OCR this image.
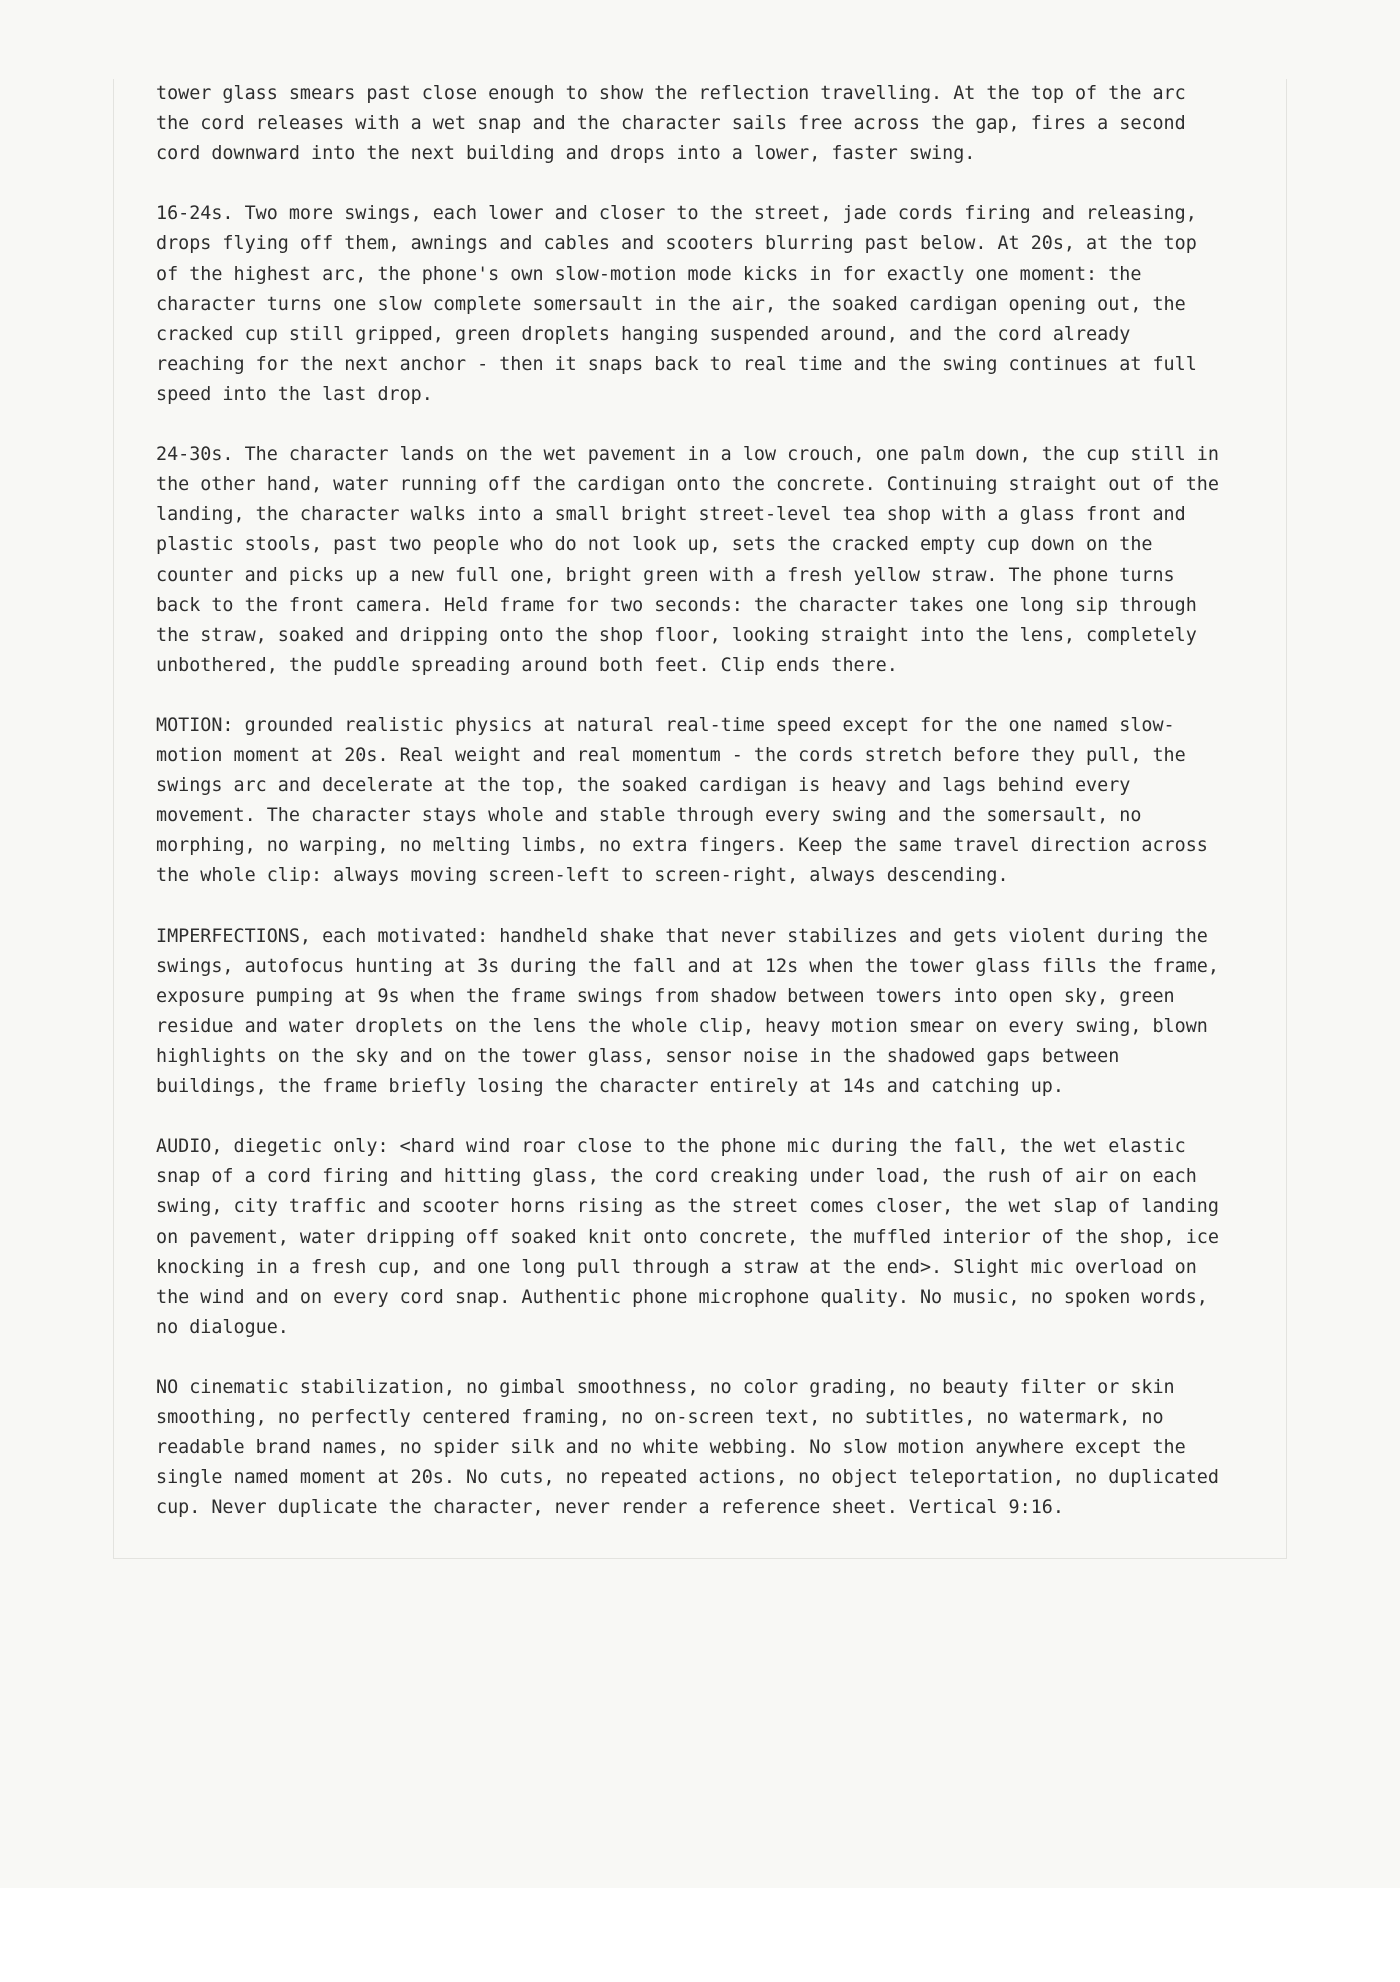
tower glass smears past close enough to show the reflection travelling. At the top of the arc
the cord releases with a wet snap and the character sails free across the gap, fires a second
cord downward into the next building and drops into a lower, faster swing.

16-24s. Two more swings, each lower and closer to the street, jade cords firing and releasing,
drops flying off them, awnings and cables and scooters blurring past below. At 20s, at the top
of the highest arc, the phone's own slow-motion mode kicks in for exactly one moment: the
character turns one slow complete somersault in the air, the soaked cardigan opening out, the
cracked cup still gripped, green droplets hanging suspended around, and the cord already
reaching for the next anchor - then it snaps back to real time and the swing continues at full
speed into the last drop.

24-30s. The character lands on the wet pavement in a low crouch, one palm down, the cup still in
the other hand, water running off the cardigan onto the concrete. Continuing straight out of the
landing, the character walks into a small bright street-level tea shop with a glass front and
plastic stools, past two people who do not look up, sets the cracked empty cup down on the
counter and picks up a new full one, bright green with a fresh yellow straw. The phone turns
back to the front camera. Held frame for two seconds: the character takes one long sip through
the straw, soaked and dripping onto the shop floor, looking straight into the lens, completely
unbothered, the puddle spreading around both feet. Clip ends there.

MOTION: grounded realistic physics at natural real-time speed except for the one named slow-
motion moment at 20s. Real weight and real momentum - the cords stretch before they pull, the
swings arc and decelerate at the top, the soaked cardigan is heavy and lags behind every
movement. The character stays whole and stable through every swing and the somersault, no
morphing, no warping, no melting limbs, no extra fingers. Keep the same travel direction across
the whole clip: always moving screen-left to screen-right, always descending.

IMPERFECTIONS, each motivated: handheld shake that never stabilizes and gets violent during the
swings, autofocus hunting at 3s during the fall and at 12s when the tower glass fills the frame,
exposure pumping at 9s when the frame swings from shadow between towers into open sky, green
residue and water droplets on the lens the whole clip, heavy motion smear on every swing, blown
highlights on the sky and on the tower glass, sensor noise in the shadowed gaps between
buildings, the frame briefly losing the character entirely at 14s and catching up.

AUDIO, diegetic only: <hard wind roar close to the phone mic during the fall, the wet elastic
snap of a cord firing and hitting glass, the cord creaking under load, the rush of air on each
swing, city traffic and scooter horns rising as the street comes closer, the wet slap of landing
on pavement, water dripping off soaked knit onto concrete, the muffled interior of the shop, ice
knocking in a fresh cup, and one long pull through a straw at the end>. Slight mic overload on
the wind and on every cord snap. Authentic phone microphone quality. No music, no spoken words,
no dialogue.

NO cinematic stabilization, no gimbal smoothness, no color grading, no beauty filter or skin
smoothing, no perfectly centered framing, no on-screen text, no subtitles, no watermark, no
readable brand names, no spider silk and no white webbing. No slow motion anywhere except the
single named moment at 20s. No cuts, no repeated actions, no object teleportation, no duplicated
cup. Never duplicate the character, never render a reference sheet. Vertical 9:16.
